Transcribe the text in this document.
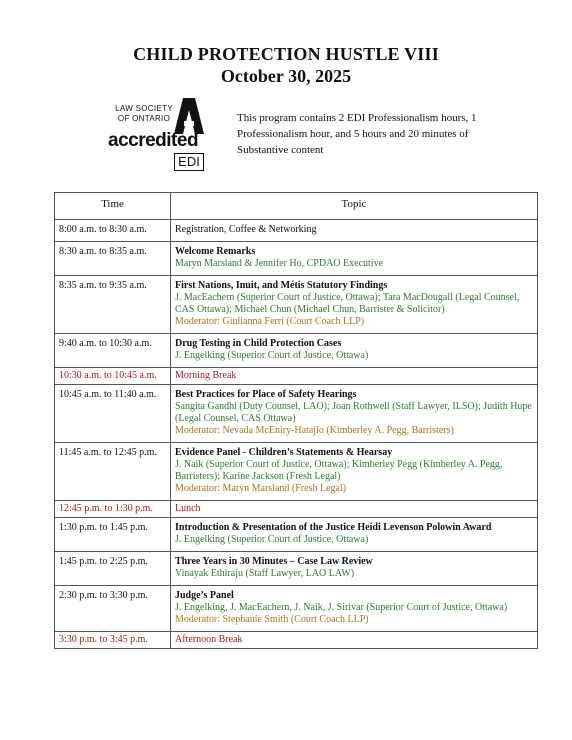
CHILD PROTECTION HUSTLE VIII
October 30, 2025
LAW SOCIETY
OF ONTARIO
accredited
EDI
This program contains 2 EDI Professionalism hours, 1 Professionalism hour, and 5 hours and 20 minutes of Substantive content
Time	Topic
8:00 a.m. to 8:30 a.m.	Registration, Coffee & Networking

8:30 a.m. to 8:35 a.m.	Welcome Remarks
Maryn Marsland & Jennifer Ho, CPDAO Executive

8:35 a.m. to 9:35 a.m.	First Nations, Inuit, and Métis Statutory Findings
J. MacEachern (Superior Court of Justice, Ottawa); Tara MacDougall (Legal Counsel, CAS Ottawa); Michael Chun (Michael Chun, Barrister & Solicitor)
Moderator: Giulianna Ferri (Court Coach LLP)

9:40 a.m. to 10:30 a.m.	Drug Testing in Child Protection Cases
J. Engelking (Superior Court of Justice, Ottawa)

10:30 a.m. to 10:45 a.m.	Morning Break

10:45 a.m. to 11:40 a.m.	Best Practices for Place of Safety Hearings
Sangita Gandhi (Duty Counsel, LAO); Joan Rothwell (Staff Lawyer, ILSO); Judith Hupe (Legal Counsel, CAS Ottawa)
Moderator: Nevada McEniry-Hatajlo (Kimberley A. Pegg, Barristers)

11:45 a.m. to 12:45 p.m.	Evidence Panel - Children’s Statements & Hearsay
J. Naik (Superior Court of Justice, Ottawa); Kimberley Pegg (Kimberley A. Pegg, Barristers); Karine Jackson (Fresh Legal)
Moderator: Maryn Marsland (Fresh Legal)

12:45 p.m. to 1:30 p.m.	Lunch

1:30 p.m. to 1:45 p.m.	Introduction & Presentation of the Justice Heidi Levenson Polowin Award
J. Engelking (Superior Court of Justice, Ottawa)

1:45 p.m. to 2:25 p.m.	Three Years in 30 Minutes – Case Law Review
Vinayak Ethiraju (Staff Lawyer, LAO LAW)

2:30 p.m. to 3:30 p.m.	Judge’s Panel
J. Engelking, J. MacEachern, J. Naik, J. Sirivar (Superior Court of Justice, Ottawa)
Moderator: Stephanie Smith (Court Coach LLP)

3:30 p.m. to 3:45 p.m.	Afternoon Break
